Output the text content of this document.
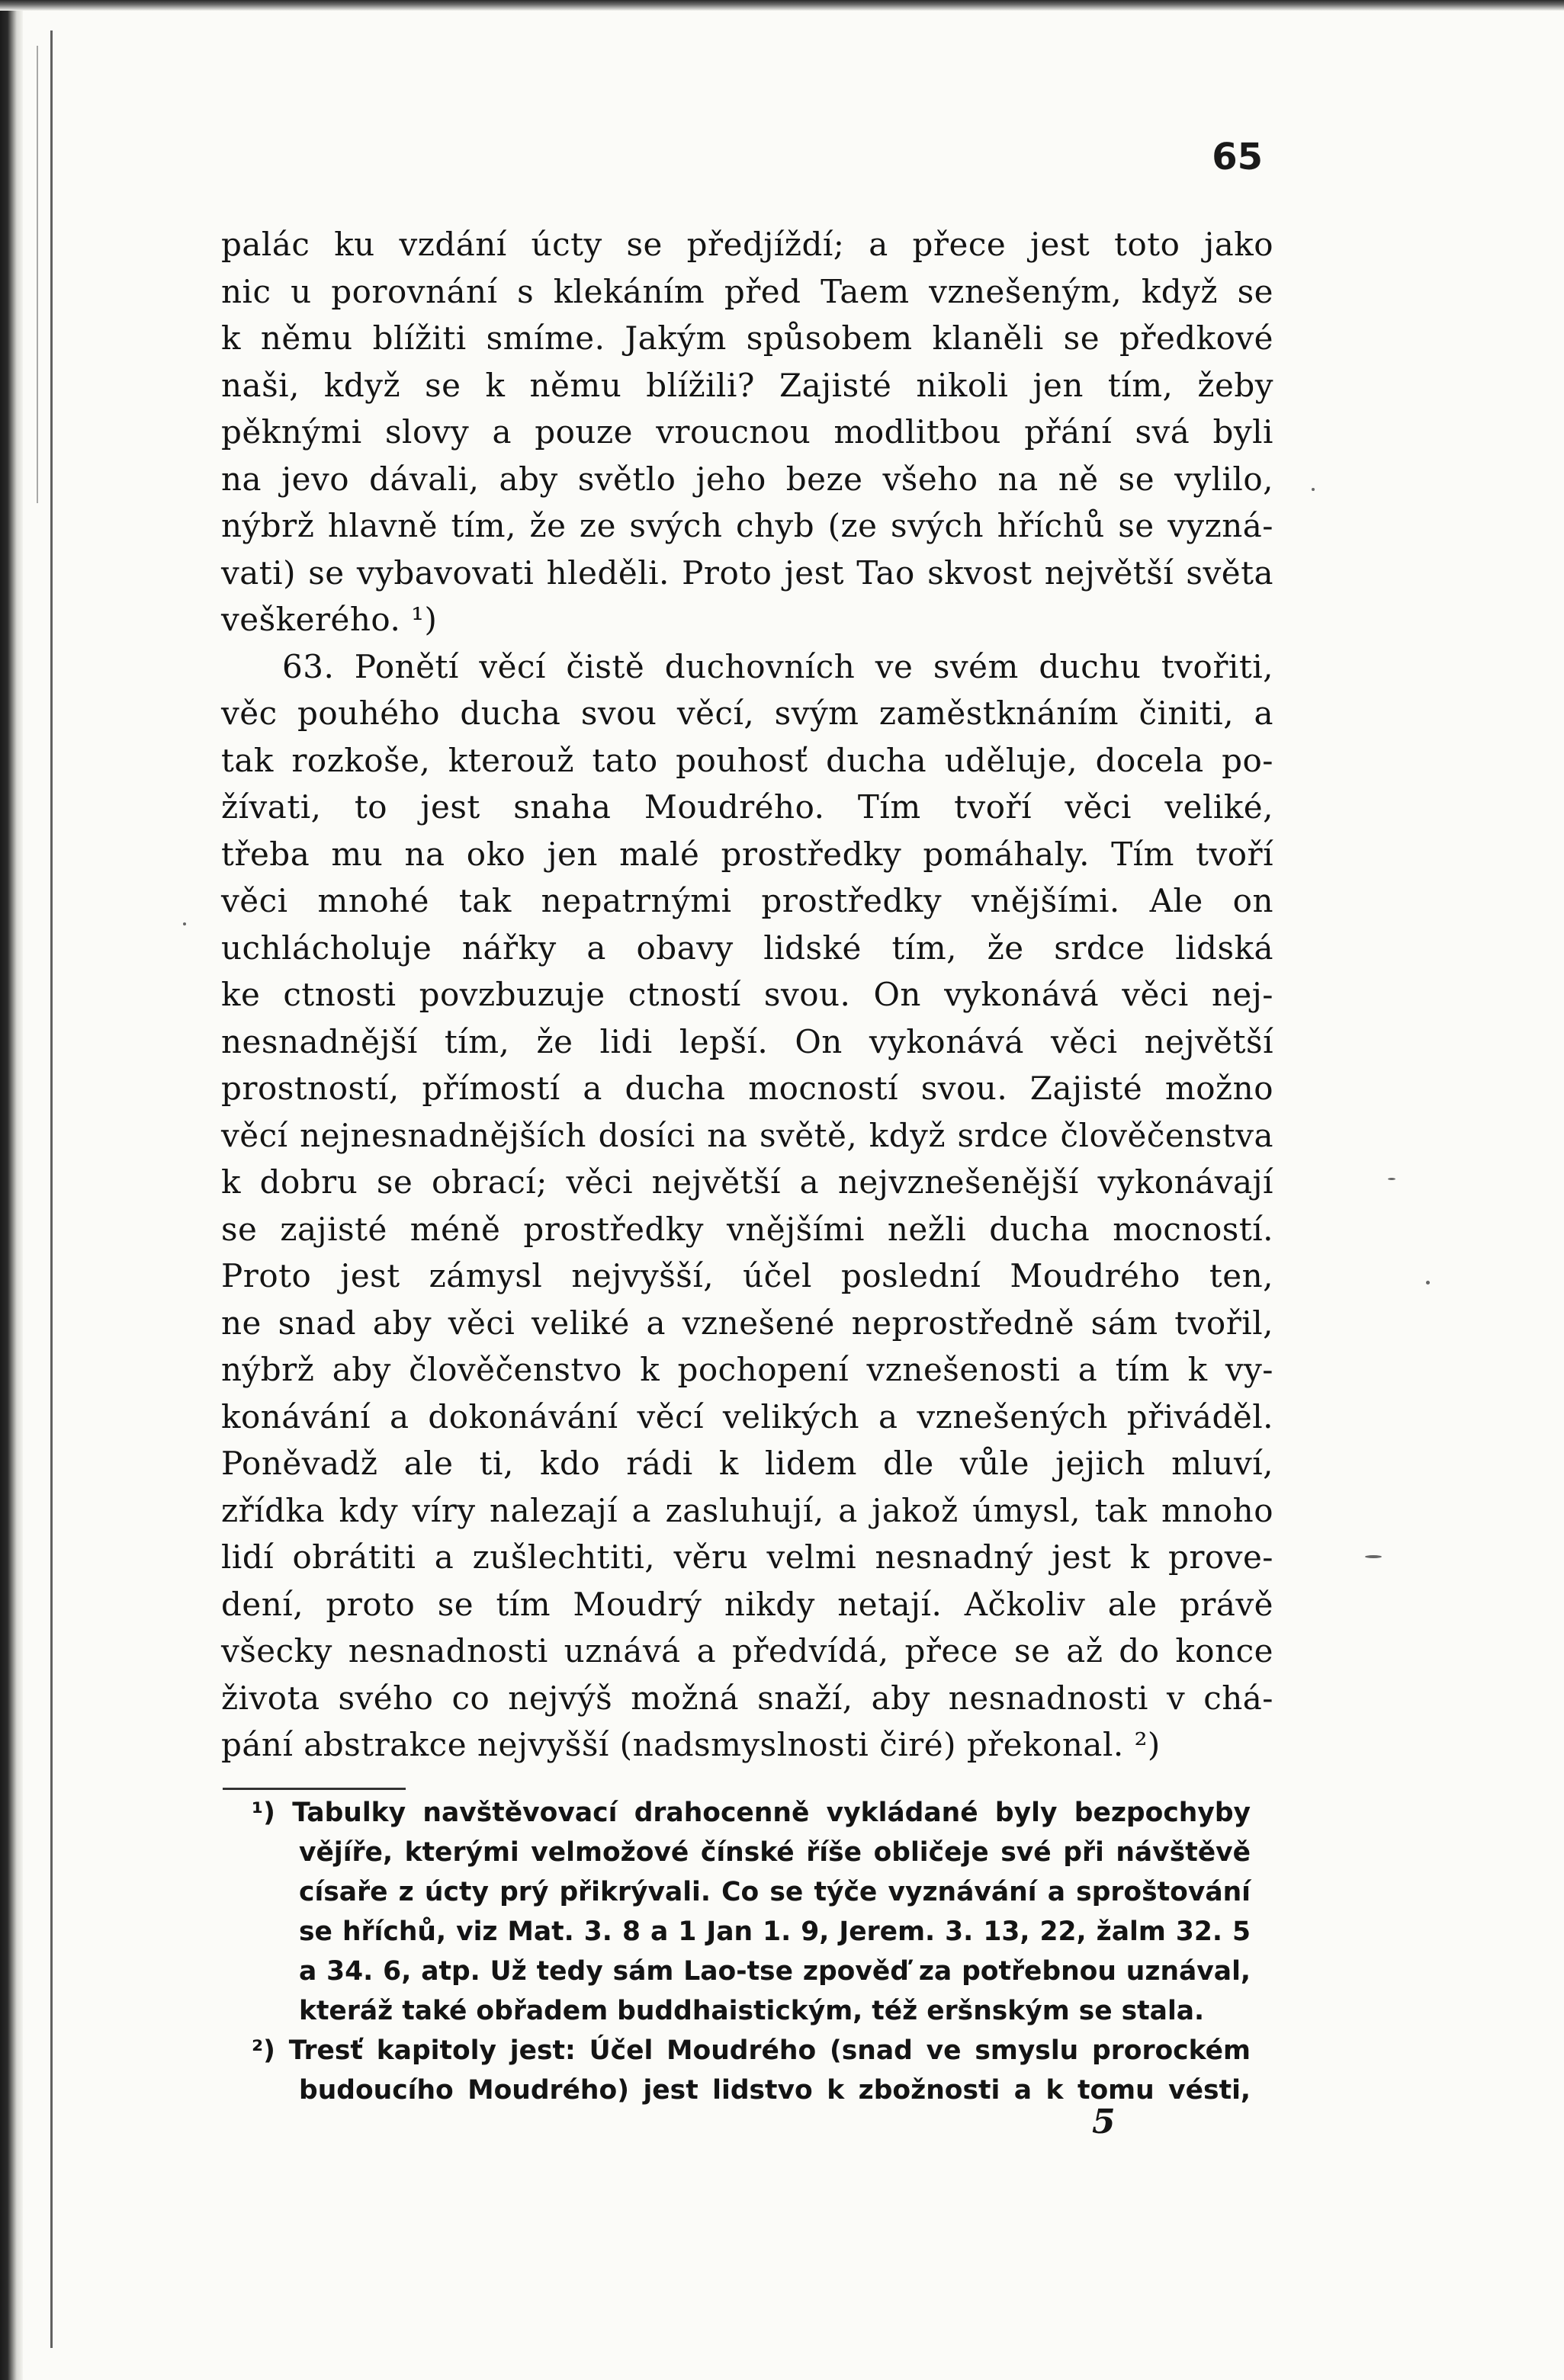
65

palác ku vzdání úcty se předjíždí; a přece jest toto jako
nic u porovnání s klekáním před Taem vznešeným, když se
k němu blížiti smíme. Jakým spůsobem klaněli se předkové
naši, když se k němu blížili? Zajisté nikoli jen tím, žeby
pěknými slovy a pouze vroucnou modlitbou přání svá byli
na jevo dávali, aby světlo jeho beze všeho na ně se vylilo,
nýbrž hlavně tím, že ze svých chyb (ze svých hříchů se vyzná-
vati) se vybavovati hleděli. Proto jest Tao skvost největší světa
veškerého. ¹)
63. Ponětí věcí čistě duchovních ve svém duchu tvořiti,
věc pouhého ducha svou věcí, svým zaměstknáním činiti, a
tak rozkoše, kterouž tato pouhosť ducha uděluje, docela po-
žívati, to jest snaha Moudrého. Tím tvoří věci veliké,
třeba mu na oko jen malé prostředky pomáhaly. Tím tvoří
věci mnohé tak nepatrnými prostředky vnějšími. Ale on
uchlácholuje nářky a obavy lidské tím, že srdce lidská
ke ctnosti povzbuzuje ctností svou. On vykonává věci nej-
nesnadnější tím, že lidi lepší. On vykonává věci největší
prostností, přímostí a ducha mocností svou. Zajisté možno
věcí nejnesnadnějších dosíci na světě, když srdce člověčenstva
k dobru se obrací; věci největší a nejvznešenější vykonávají
se zajisté méně prostředky vnějšími nežli ducha mocností.
Proto jest zámysl nejvyšší, účel poslední Moudrého ten,
ne snad aby věci veliké a vznešené neprostředně sám tvořil,
nýbrž aby člověčenstvo k pochopení vznešenosti a tím k vy-
konávání a dokonávání věcí velikých a vznešených přiváděl.
Poněvadž ale ti, kdo rádi k lidem dle vůle jejich mluví,
zřídka kdy víry nalezají a zasluhují, a jakož úmysl, tak mnoho
lidí obrátiti a zušlechtiti, věru velmi nesnadný jest k prove-
dení, proto se tím Moudrý nikdy netají. Ačkoliv ale právě
všecky nesnadnosti uznává a předvídá, přece se až do konce
života svého co nejvýš možná snaží, aby nesnadnosti v chá-
pání abstrakce nejvyšší (nadsmyslnosti čiré) překonal. ²)
¹) Tabulky navštěvovací drahocenně vykládané byly bezpochyby
vějíře, kterými velmožové čínské říše obličeje své při návštěvě
císaře z úcty prý přikrývali. Co se týče vyznávání a sproštování
se hříchů, viz Mat. 3. 8 a 1 Jan 1. 9, Jerem. 3. 13, 22, žalm 32. 5
a 34. 6, atp. Už tedy sám Lao-tse zpověď za potřebnou uznával,
kteráž také obřadem buddhaistickým, též eršnským se stala.
²) Tresť kapitoly jest: Účel Moudrého (snad ve smyslu prorockém
budoucího Moudrého) jest lidstvo k zbožnosti a k tomu vésti,

5
